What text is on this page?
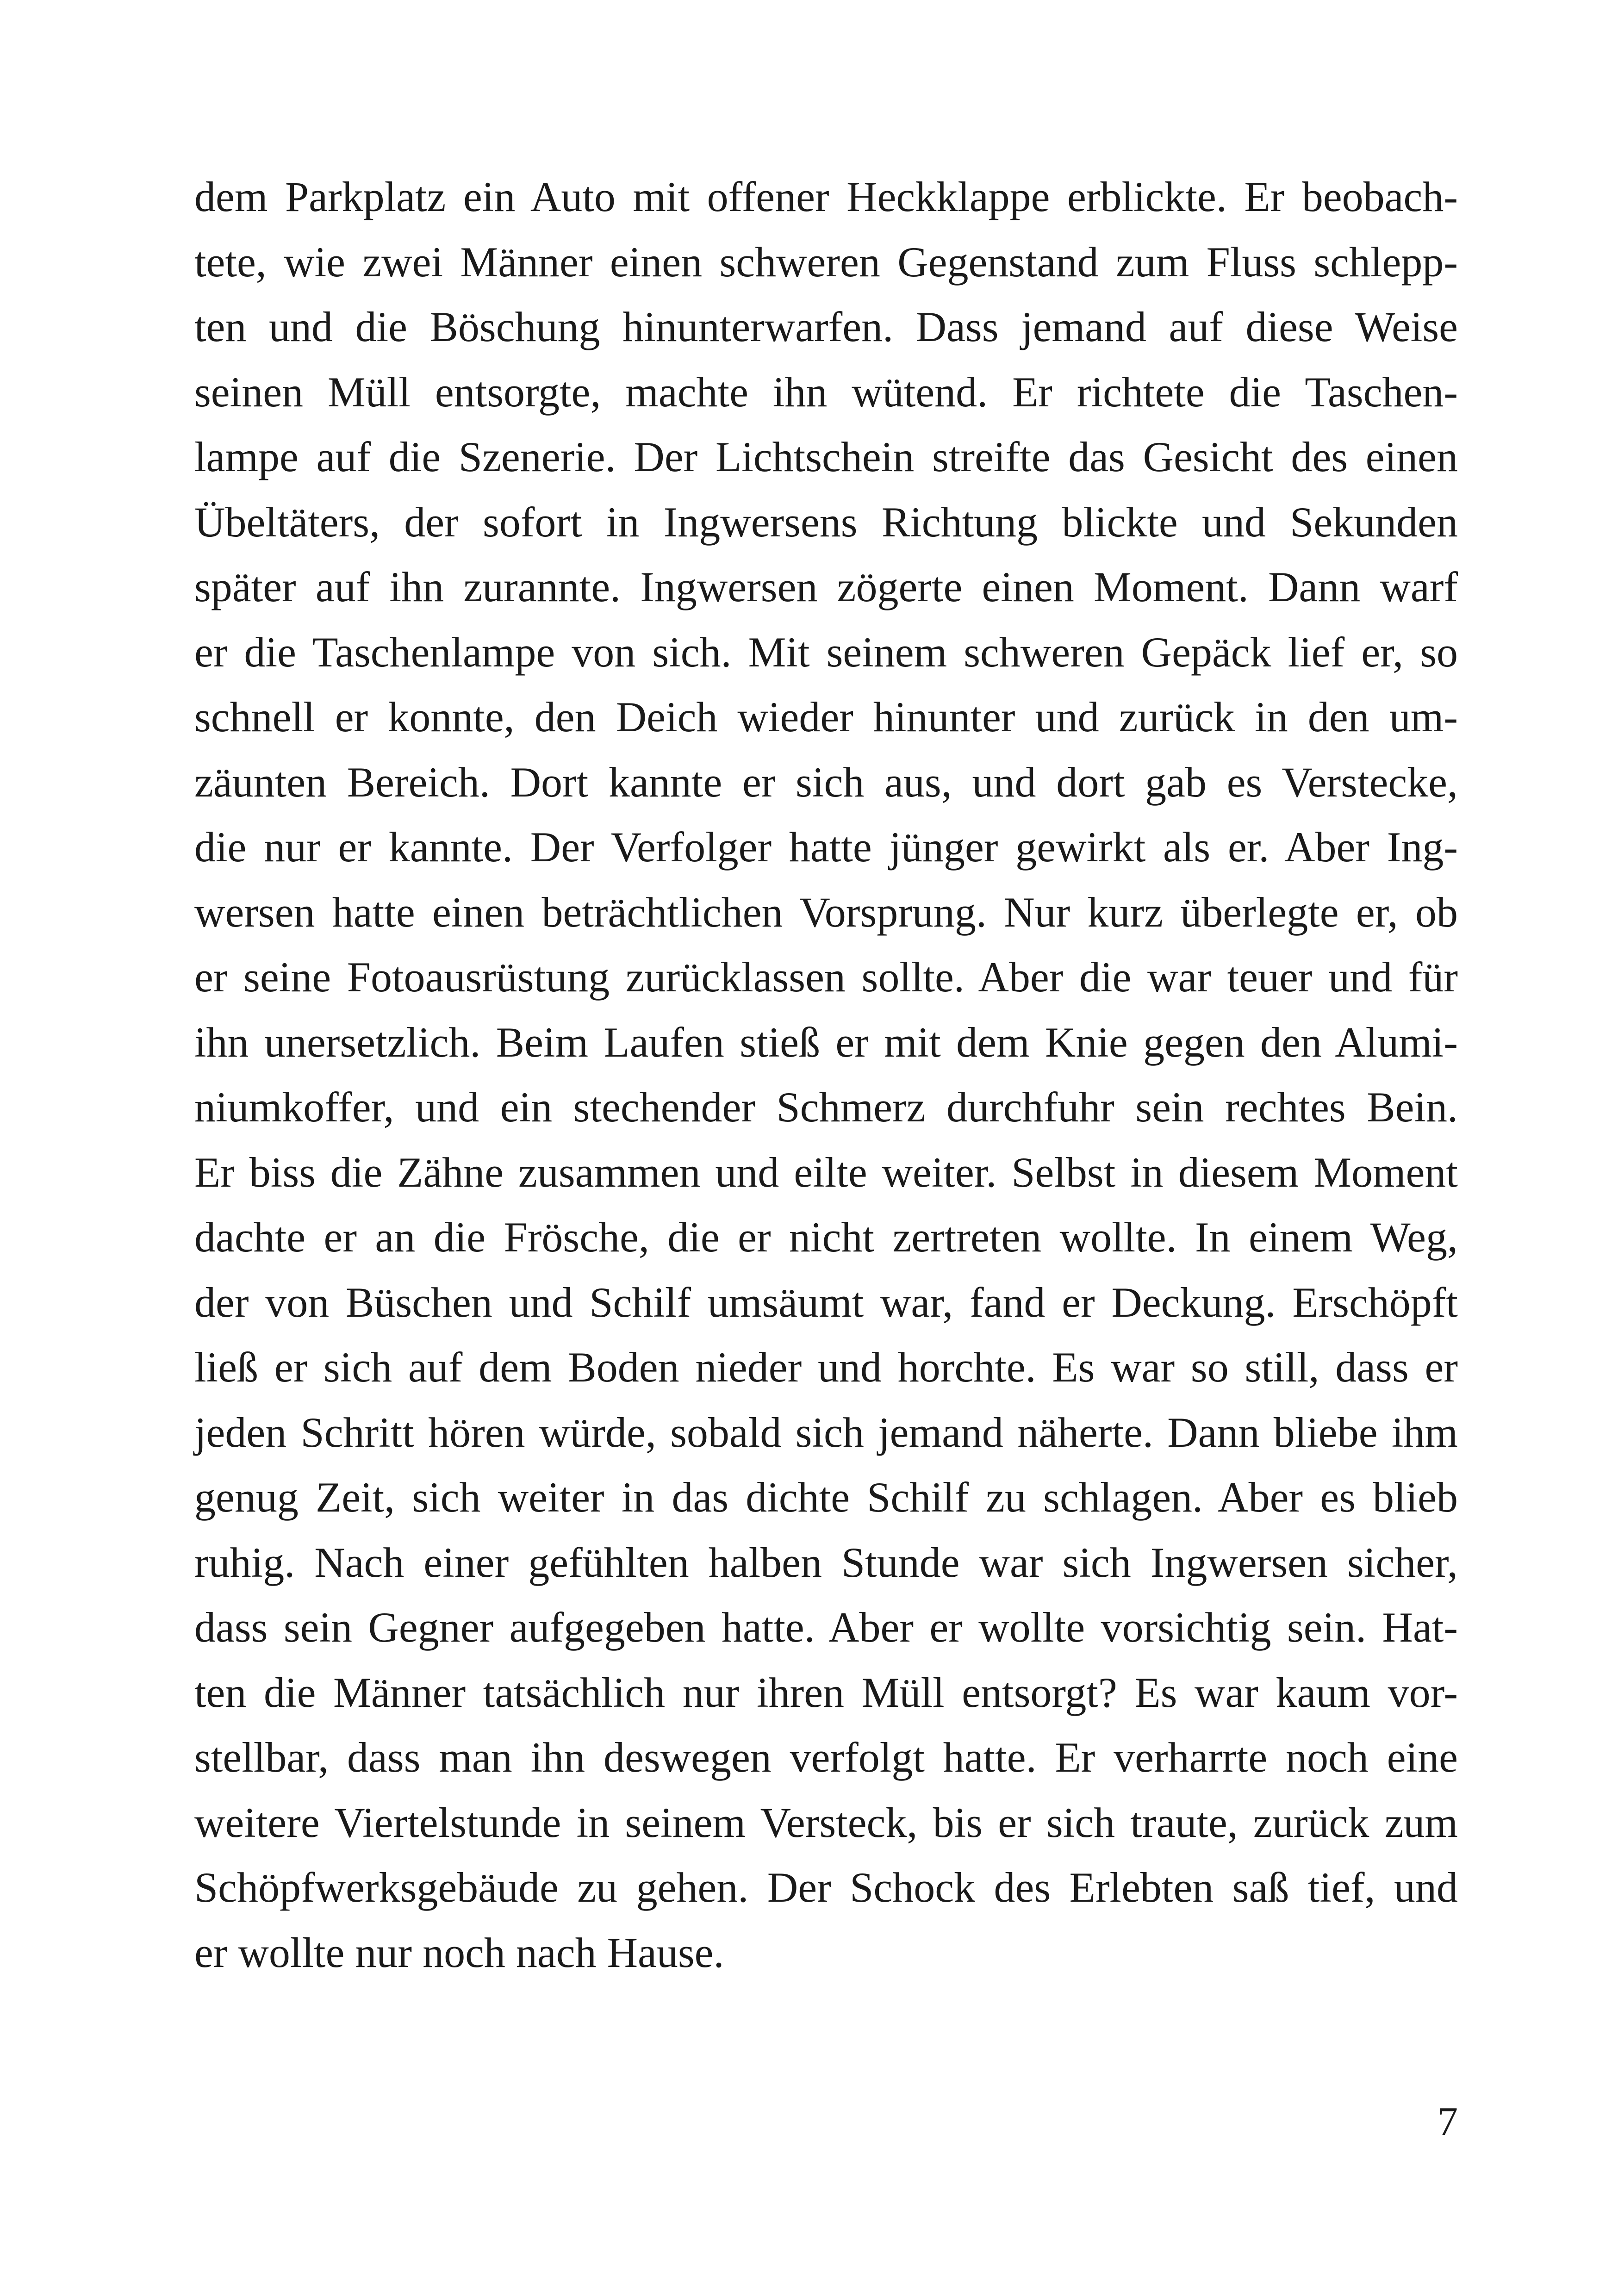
dem Parkplatz ein Auto mit offener Heckklappe erblickte. Er beobach-
tete, wie zwei Männer einen schweren Gegenstand zum Fluss schlepp-
ten und die Böschung hinunterwarfen. Dass jemand auf diese Weise
seinen Müll entsorgte, machte ihn wütend. Er richtete die Taschen-
lampe auf die Szenerie. Der Lichtschein streifte das Gesicht des einen
Übeltäters, der sofort in Ingwersens Richtung blickte und Sekunden
später auf ihn zurannte. Ingwersen zögerte einen Moment. Dann warf
er die Taschenlampe von sich. Mit seinem schweren Gepäck lief er, so
schnell er konnte, den Deich wieder hinunter und zurück in den um-
zäunten Bereich. Dort kannte er sich aus, und dort gab es Verstecke,
die nur er kannte. Der Verfolger hatte jünger gewirkt als er. Aber Ing-
wersen hatte einen beträchtlichen Vorsprung. Nur kurz überlegte er, ob
er seine Fotoausrüstung zurücklassen sollte. Aber die war teuer und für
ihn unersetzlich. Beim Laufen stieß er mit dem Knie gegen den Alumi-
niumkoffer, und ein stechender Schmerz durchfuhr sein rechtes Bein.
Er biss die Zähne zusammen und eilte weiter. Selbst in diesem Moment
dachte er an die Frösche, die er nicht zertreten wollte. In einem Weg,
der von Büschen und Schilf umsäumt war, fand er Deckung. Erschöpft
ließ er sich auf dem Boden nieder und horchte. Es war so still, dass er
jeden Schritt hören würde, sobald sich jemand näherte. Dann bliebe ihm
genug Zeit, sich weiter in das dichte Schilf zu schlagen. Aber es blieb
ruhig. Nach einer gefühlten halben Stunde war sich Ingwersen sicher,
dass sein Gegner aufgegeben hatte. Aber er wollte vorsichtig sein. Hat-
ten die Männer tatsächlich nur ihren Müll entsorgt? Es war kaum vor-
stellbar, dass man ihn deswegen verfolgt hatte. Er verharrte noch eine
weitere Viertelstunde in seinem Versteck, bis er sich traute, zurück zum
Schöpfwerksgebäude zu gehen. Der Schock des Erlebten saß tief, und
er wollte nur noch nach Hause.
7
